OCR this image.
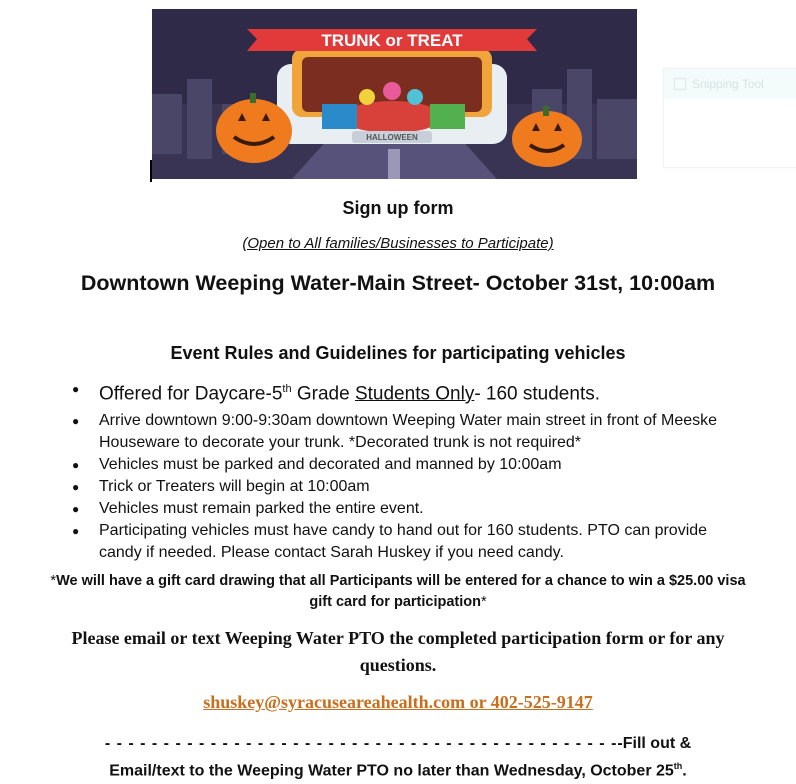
HALLOWEEN
TRUNK or TREAT
Snipping Tool
Sign up form
(Open to All families/Businesses to Participate)
Downtown Weeping Water-Main Street- October 31st, 10:00am
Event Rules and Guidelines for participating vehicles
● Offered for Daycare-5th Grade Students Only- 160 students.
● Arrive downtown 9:00-9:30am downtown Weeping Water main street in front of Meeske Houseware to decorate your trunk. *Decorated trunk is not required*
● Vehicles must be parked and decorated and manned by 10:00am
● Trick or Treaters will begin at 10:00am
● Vehicles must remain parked the entire event.
● Participating vehicles must have candy to hand out for 160 students. PTO can provide candy if needed. Please contact Sarah Huskey if you need candy.
*We will have a gift card drawing that all Participants will be entered for a chance to win a $25.00 visa gift card for participation*
Please email or text Weeping Water PTO the completed participation form or for any questions.
shuskey@syracuseareahealth.com or 402-525-9147
- - - - - - - - - - - - - - - - - - - - - - - - - - - - - - - - - - - - - - - - - - - --Fill out &
Email/text to the Weeping Water PTO no later than Wednesday, October 25th.
